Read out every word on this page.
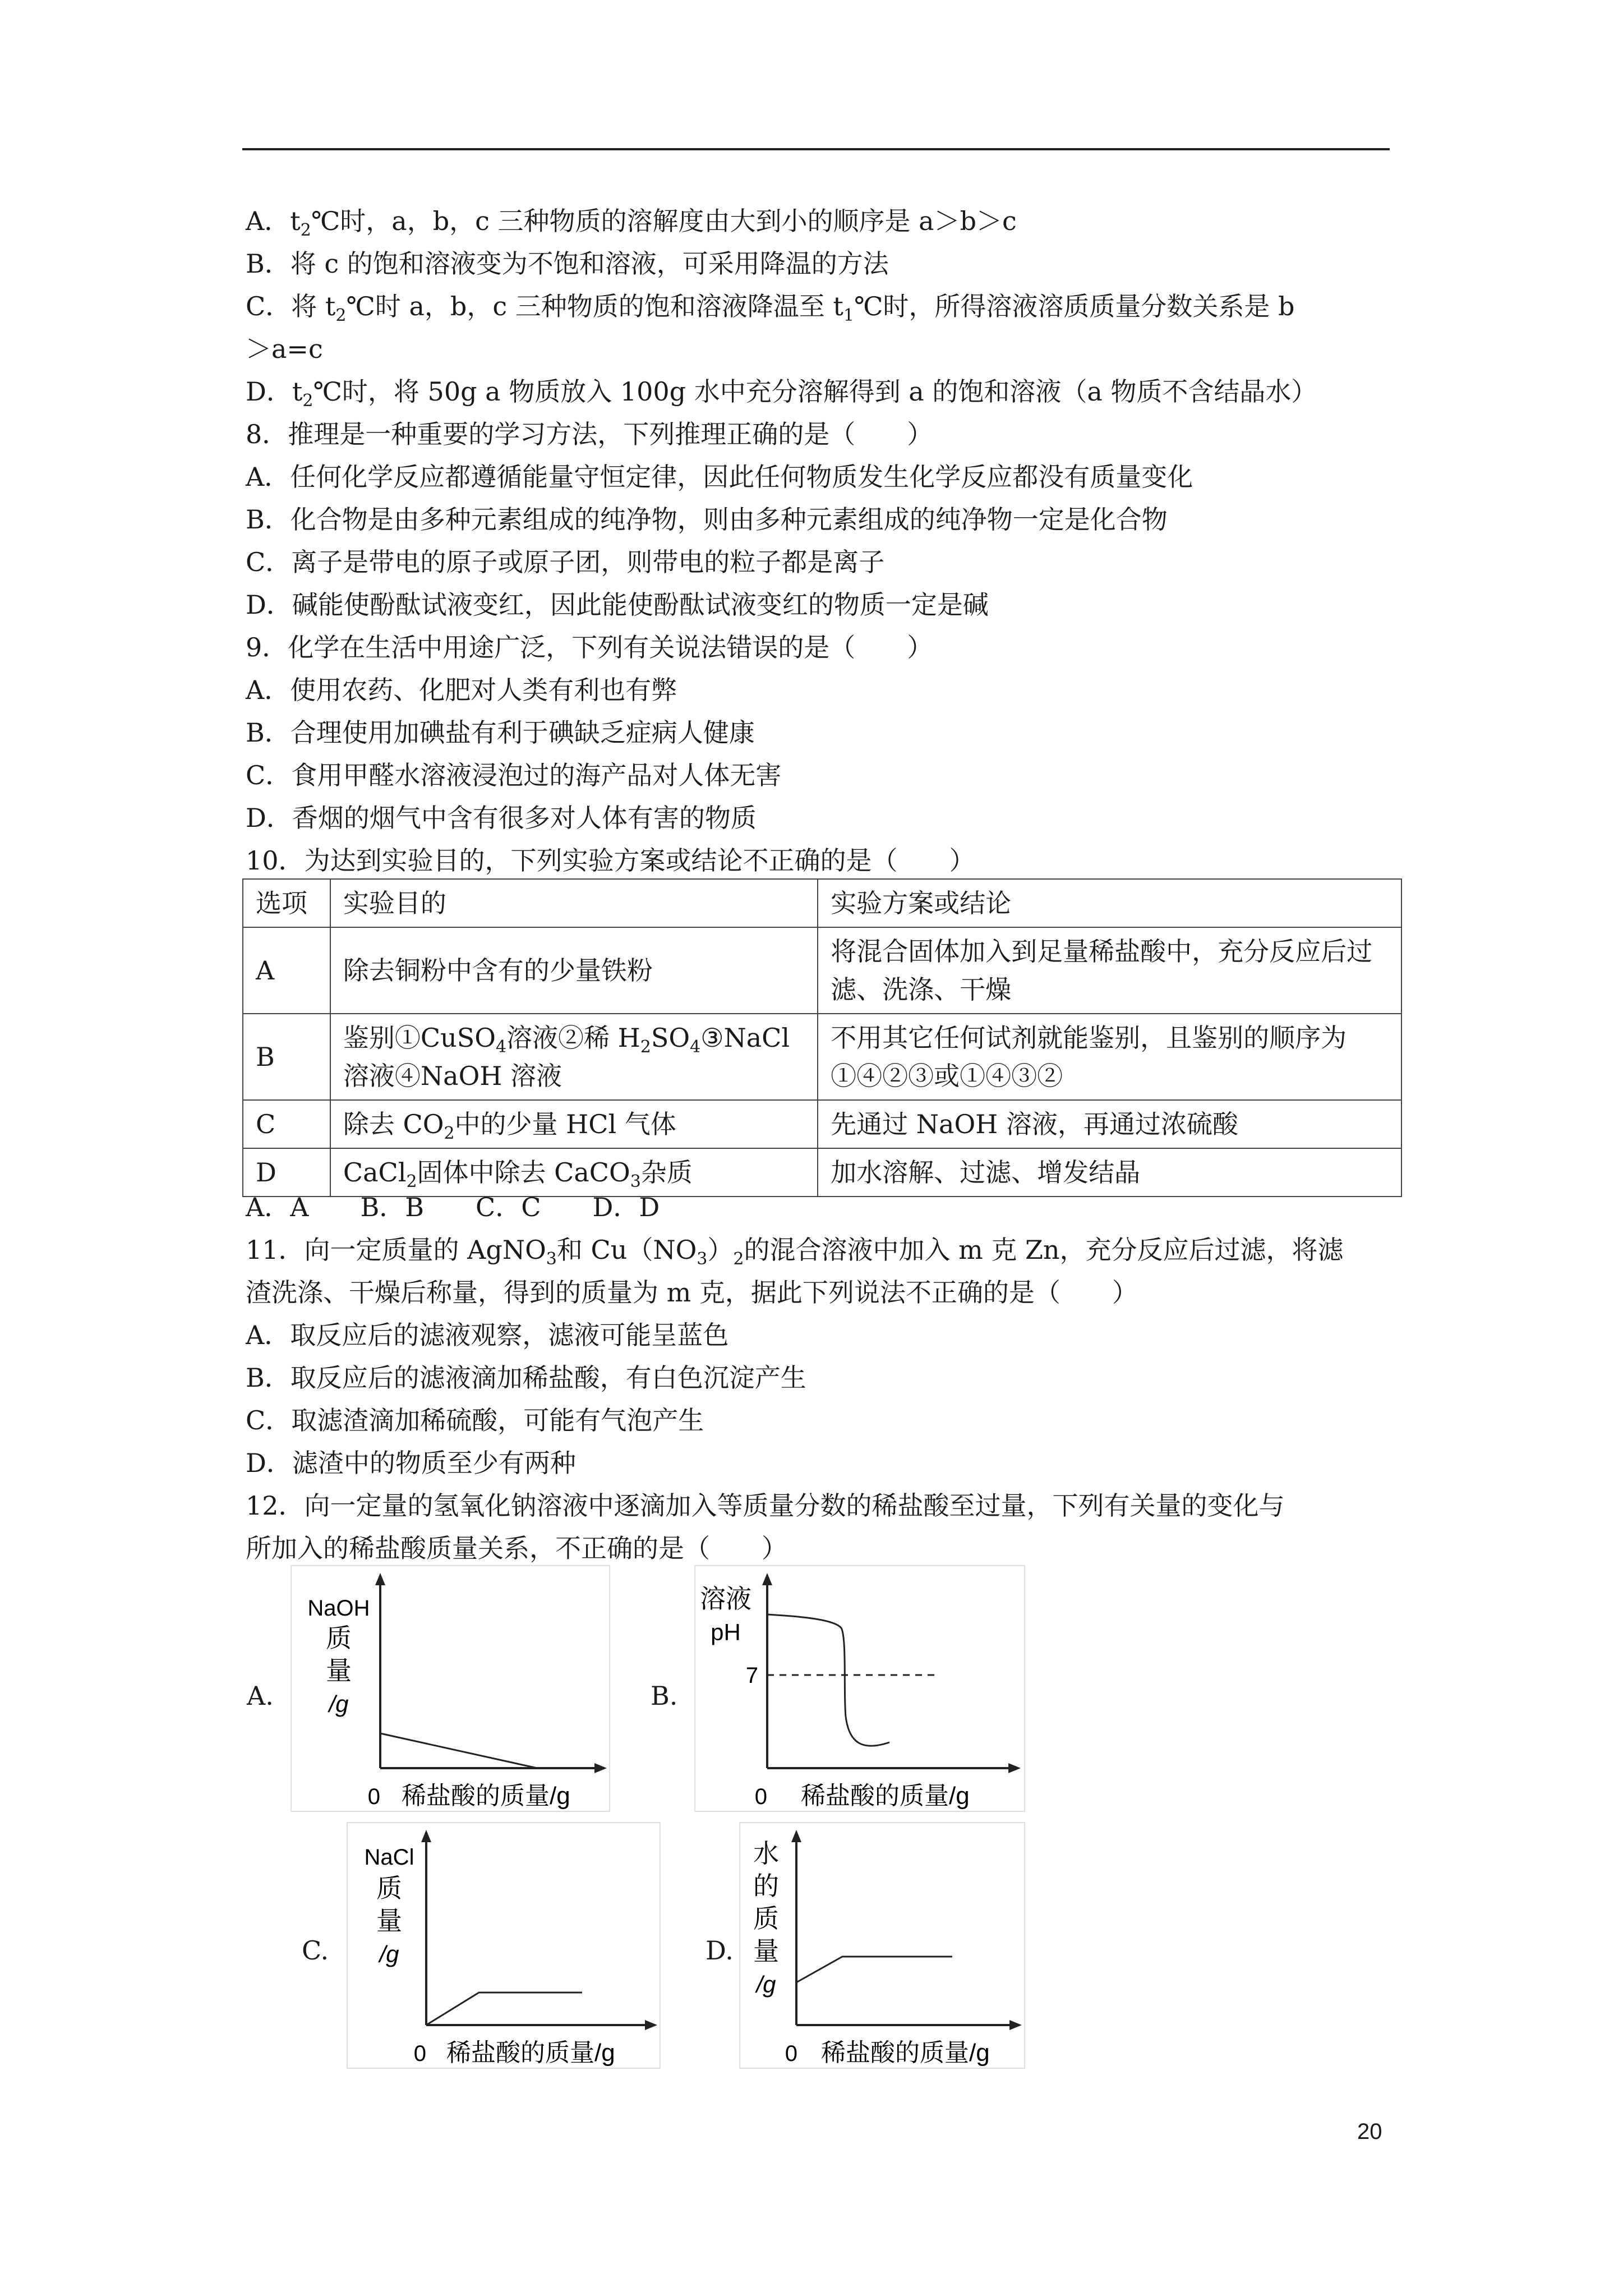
A．$t_2℃$时，a，b，c 三种物质的溶解度由大到小的顺序是 a＞b＞c
B．将 c 的饱和溶液变为不饱和溶液，可采用降温的方法
C．将 $t_2℃$时 a，b，c 三种物质的饱和溶液降温至 $t_1℃$时，所得溶液溶质质量分数关系是 b
＞a=c
D．$t_2℃$时，将 50g a 物质放入 100g 水中充分溶解得到 a 的饱和溶液（a 物质不含结晶水）
8．推理是一种重要的学习方法，下列推理正确的是（　　）
A．任何化学反应都遵循能量守恒定律，因此任何物质发生化学反应都没有质量变化
B．化合物是由多种元素组成的纯净物，则由多种元素组成的纯净物一定是化合物
C．离子是带电的原子或原子团，则带电的粒子都是离子
D．碱能使酚酞试液变红，因此能使酚酞试液变红的物质一定是碱
9．化学在生活中用途广泛，下列有关说法错误的是（　　）
A．使用农药、化肥对人类有利也有弊
B．合理使用加碘盐有利于碘缺乏症病人健康
C．食用甲醛水溶液浸泡过的海产品对人体无害
D．香烟的烟气中含有很多对人体有害的物质
10．为达到实验目的，下列实验方案或结论不正确的是（　　）
选项	实验目的	实验方案或结论
A	除去铜粉中含有的少量铁粉	将混合固体加入到足量稀盐酸中，充分反应后过滤、洗涤、干燥
B	鉴别①CuSO$_4$溶液②稀 $H_2SO_4③NaCl$ 溶液④NaOH 溶液	不用其它任何试剂就能鉴别，且鉴别的顺序为①④②③或①④③②
C	除去 $CO_2$中的少量 HCl 气体	先通过 NaOH 溶液，再通过浓硫酸
D	CaCl$_2$固体中除去 CaCO$_3$杂质	加水溶解、过滤、增发结晶
A．A　　B．B　　C．C　　D．D
11．向一定质量的 AgNO$_3$和 $Cu(NO_3)_2$的混合溶液中加入 m 克 Zn，充分反应后过滤，将滤
渣洗涤、干燥后称量，得到的质量为 m 克，据此下列说法不正确的是（　　）
A．取反应后的滤液观察，滤液可能呈蓝色
B．取反应后的滤液滴加稀盐酸，有白色沉淀产生
C．取滤渣滴加稀硫酸，可能有气泡产生
D．滤渣中的物质至少有两种
12．向一定量的氢氧化钠溶液中逐滴加入等质量分数的稀盐酸至过量，下列有关量的变化与
所加入的稀盐酸质量关系，不正确的是（　　）
A.	B.
C.	D.
NaOH
质
量
/g
0 稀盐酸的质量/g
溶液
pH
7
0 稀盐酸的质量/g
NaCl
质
量
/g
0 稀盐酸的质量/g
水
的
质
量
/g
0 稀盐酸的质量/g
20
